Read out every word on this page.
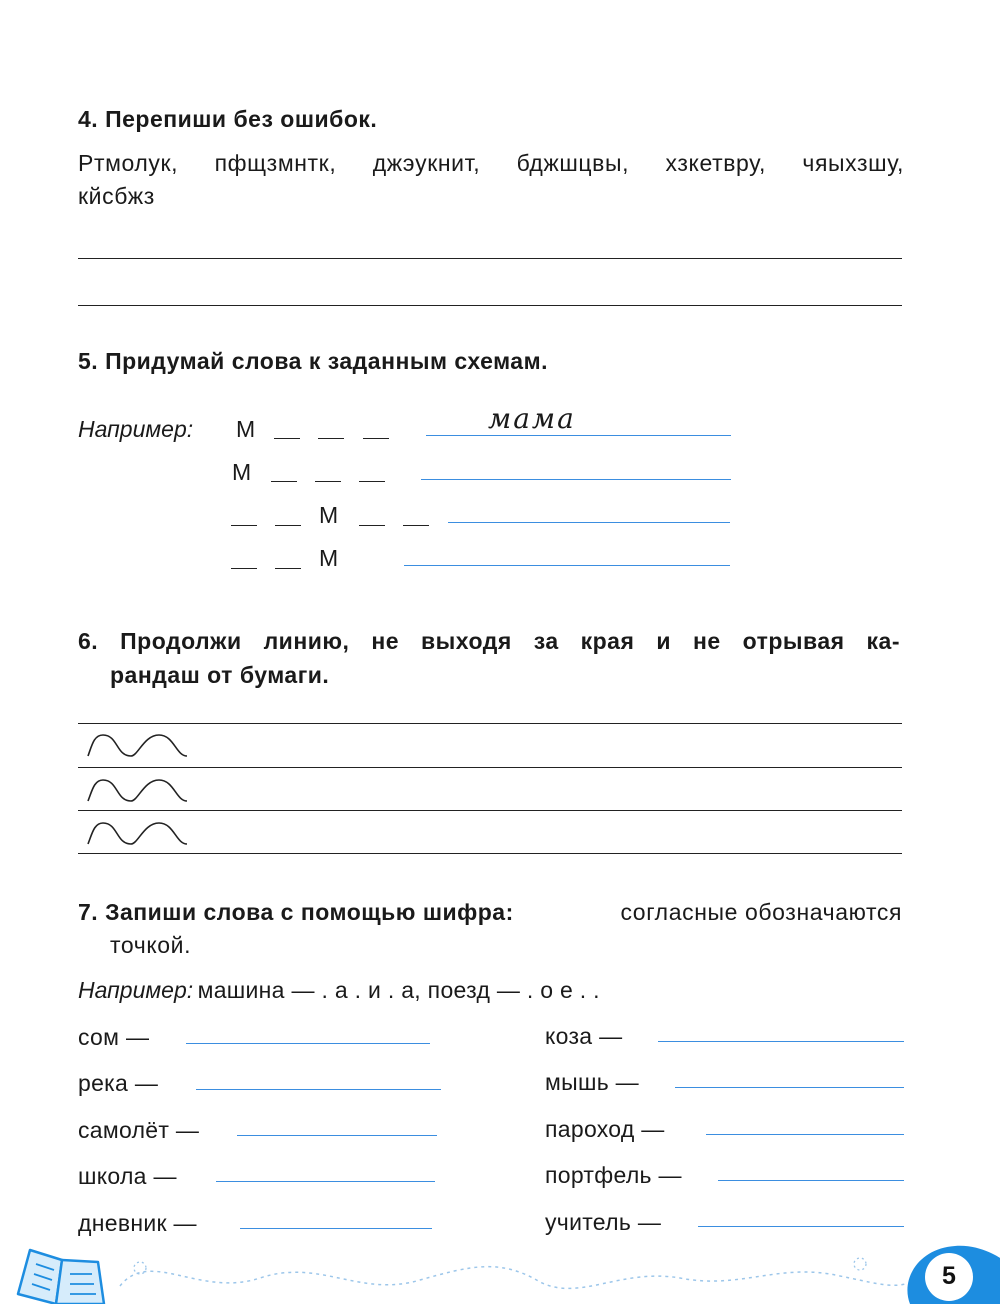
4. Перепиши без ошибок.
Ртмолук, пфщзмнтк, джэукнит, бджшцвы, хзкетвру, чяыхзшу,
кйсбжз
5. Придумай слова к заданным схемам.
Например: М	мама
М
М
М
6. Продолжи линию, не выходя за края и не отрывая ка-
рандаш от бумаги.
7. Запиши слова с помощью шифра:	согласные обозначаются
точкой.
Например: машина — . а . и . а, поезд — . о е . .
сом —
река —
самолёт —
школа —
дневник —
коза —
мышь —
пароход —
портфель —
учитель —
5
